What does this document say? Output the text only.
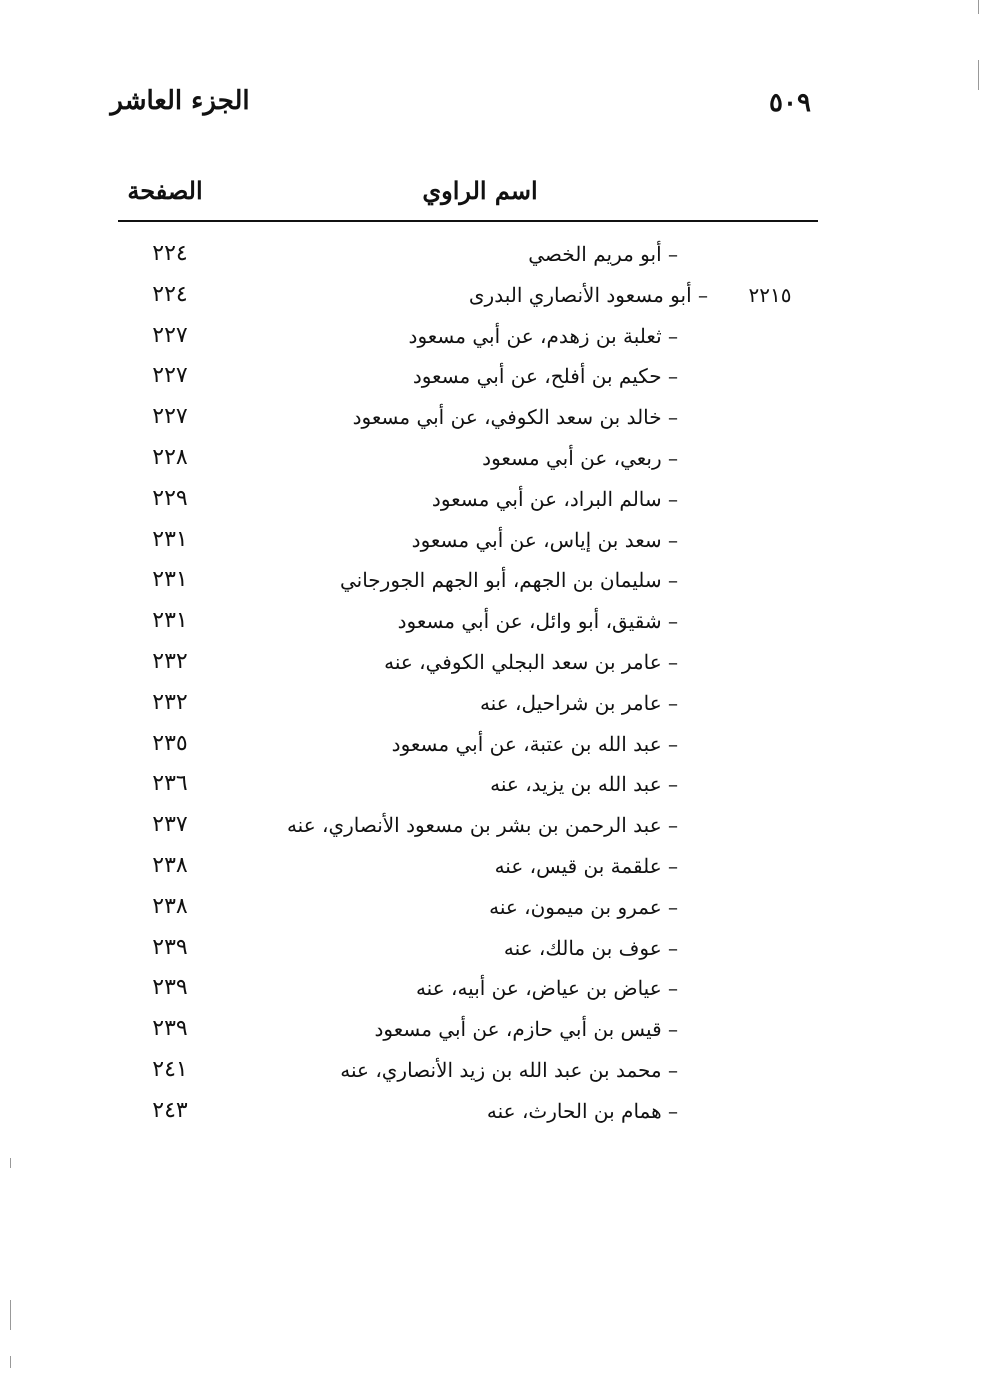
٥٠٩
الجزء العاشر
اسم الراوي
الصفحة
– أبو مريم الخصي
٢٢٤
٢٢١٥
– أبو مسعود الأنصاري البدرى
٢٢٤
– ثعلبة بن زهدم، عن أبي مسعود
٢٢٧
– حكيم بن أفلح، عن أبي مسعود
٢٢٧
– خالد بن سعد الكوفي، عن أبي مسعود
٢٢٧
– ربعي، عن أبي مسعود
٢٢٨
– سالم البراد، عن أبي مسعود
٢٢٩
– سعد بن إياس، عن أبي مسعود
٢٣١
– سليمان بن الجهم، أبو الجهم الجورجاني
٢٣١
– شقيق، أبو وائل، عن أبي مسعود
٢٣١
– عامر بن سعد البجلي الكوفي، عنه
٢٣٢
– عامر بن شراحيل، عنه
٢٣٢
– عبد الله بن عتبة، عن أبي مسعود
٢٣٥
– عبد الله بن يزيد، عنه
٢٣٦
– عبد الرحمن بن بشر بن مسعود الأنصاري، عنه
٢٣٧
– علقمة بن قيس، عنه
٢٣٨
– عمرو بن ميمون، عنه
٢٣٨
– عوف بن مالك، عنه
٢٣٩
– عياض بن عياض، عن أبيه، عنه
٢٣٩
– قيس بن أبي حازم، عن أبي مسعود
٢٣٩
– محمد بن عبد الله بن زيد الأنصاري، عنه
٢٤١
– همام بن الحارث، عنه
٢٤٣
